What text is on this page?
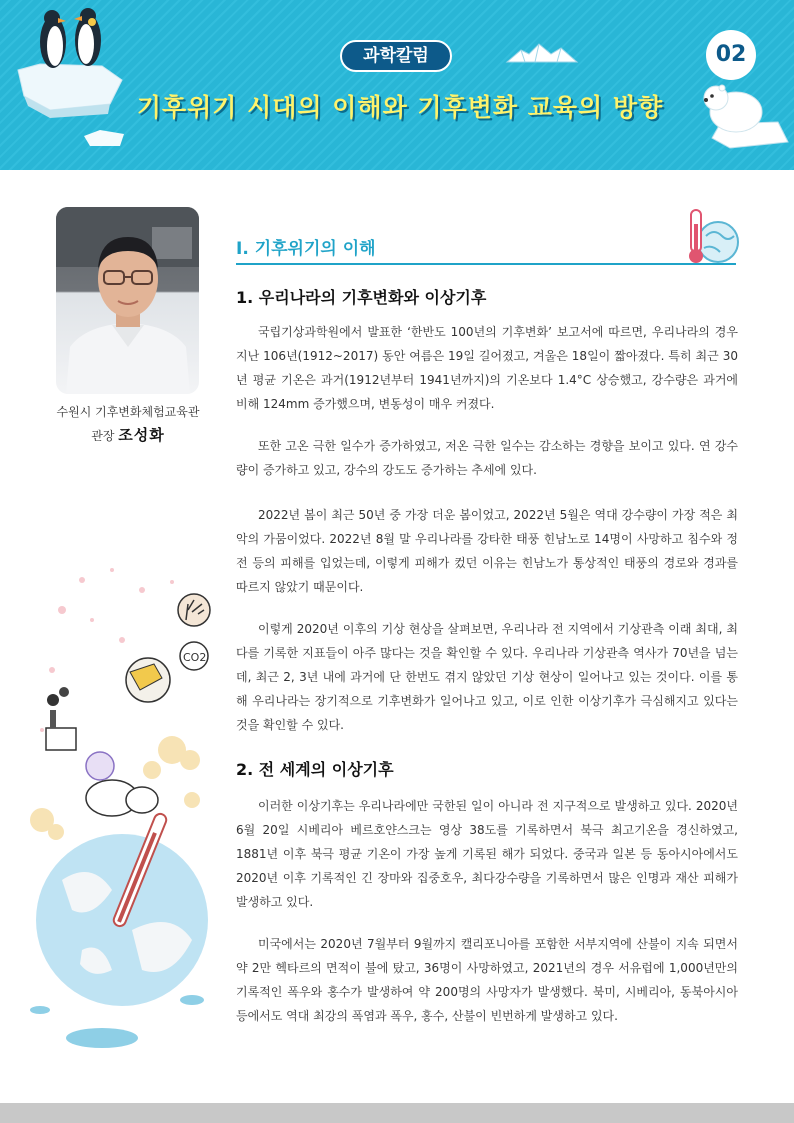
과학칼럼	02
기후위기 시대의 이해와 기후변화 교육의 방향
수원시 기후변화체험교육관
관장 조성화
Ⅰ. 기후위기의 이해
1. 우리나라의 기후변화와 이상기후

국립기상과학원에서 발표한 ‘한반도 100년의 기후변화’ 보고서에 따르면, 우리나라의 경우 지난 106년(1912~2017) 동안 여름은 19일 길어졌고, 겨울은 18일이 짧아졌다. 특히 최근 30년 평균 기온은 과거(1912년부터 1941년까지)의 기온보다 1.4°C 상승했고, 강수량은 과거에 비해 124mm 증가했으며, 변동성이 매우 커졌다.

또한 고온 극한 일수가 증가하였고, 저온 극한 일수는 감소하는 경향을 보이고 있다. 연 강수량이 증가하고 있고, 강수의 강도도 증가하는 추세에 있다.

2022년 봄이 최근 50년 중 가장 더운 봄이었고, 2022년 5월은 역대 강수량이 가장 적은 최악의 가뭄이었다. 2022년 8월 말 우리나라를 강타한 태풍 힌남노로 14명이 사망하고 침수와 정전 등의 피해를 입었는데, 이렇게 피해가 컸던 이유는 힌남노가 통상적인 태풍의 경로와 경과를 따르지 않았기 때문이다.

이렇게 2020년 이후의 기상 현상을 살펴보면, 우리나라 전 지역에서 기상관측 이래 최대, 최다를 기록한 지표들이 아주 많다는 것을 확인할 수 있다. 우리나라 기상관측 역사가 70년을 넘는데, 최근 2, 3년 내에 과거에 단 한번도 겪지 않았던 기상 현상이 일어나고 있는 것이다. 이를 통해 우리나라는 장기적으로 기후변화가 일어나고 있고, 이로 인한 이상기후가 극심해지고 있다는 것을 확인할 수 있다.

2. 전 세계의 이상기후

이러한 이상기후는 우리나라에만 국한된 일이 아니라 전 지구적으로 발생하고 있다. 2020년 6월 20일 시베리아 베르호얀스크는 영상 38도를 기록하면서 북극 최고기온을 경신하였고, 1881년 이후 북극 평균 기온이 가장 높게 기록된 해가 되었다. 중국과 일본 등 동아시아에서도 2020년 이후 기록적인 긴 장마와 집중호우, 최다강수량을 기록하면서 많은 인명과 재산 피해가 발생하고 있다.

미국에서는 2020년 7월부터 9월까지 캘리포니아를 포함한 서부지역에 산불이 지속 되면서 약 2만 헥타르의 면적이 불에 탔고, 36명이 사망하였고, 2021년의 경우 서유럽에 1,000년만의 기록적인 폭우와 홍수가 발생하여 약 200명의 사망자가 발생했다. 북미, 시베리아, 동북아시아 등에서도 역대 최강의 폭염과 폭우, 홍수, 산불이 빈번하게 발생하고 있다.

CO2
